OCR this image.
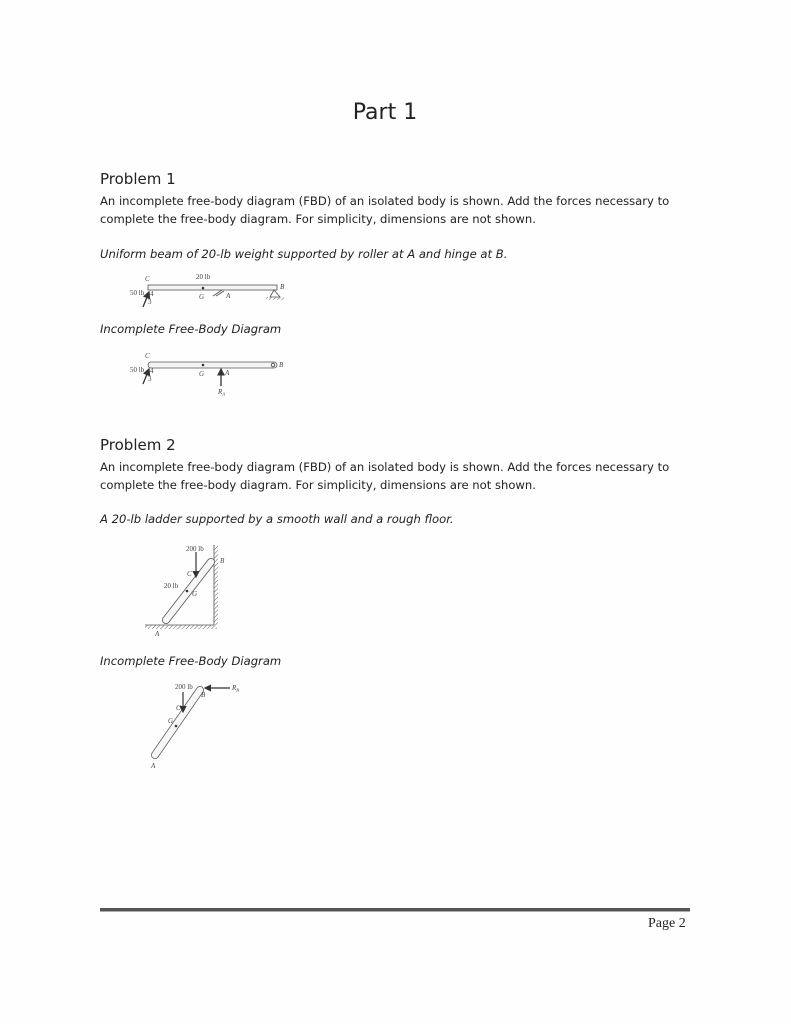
Part 1
Problem 1
An incomplete free-body diagram (FBD) of an isolated body is shown. Add the forces necessary to
complete the free-body diagram. For simplicity, dimensions are not shown.
Uniform beam of 20-lb weight supported by roller at A and hinge at B.
Incomplete Free-Body Diagram
Problem 2
An incomplete free-body diagram (FBD) of an isolated body is shown. Add the forces necessary to
complete the free-body diagram. For simplicity, dimensions are not shown.
A 20-lb ladder supported by a smooth wall and a rough floor.
Incomplete Free-Body Diagram
C	20 lb
G	A
B
50 lb 4
3
C
G	A
B
$R_A$
50 lb 4
3
200 lb
C
20 lb
G
B
A
200 lb
B
$R_B$
C
G
A
Page 2
